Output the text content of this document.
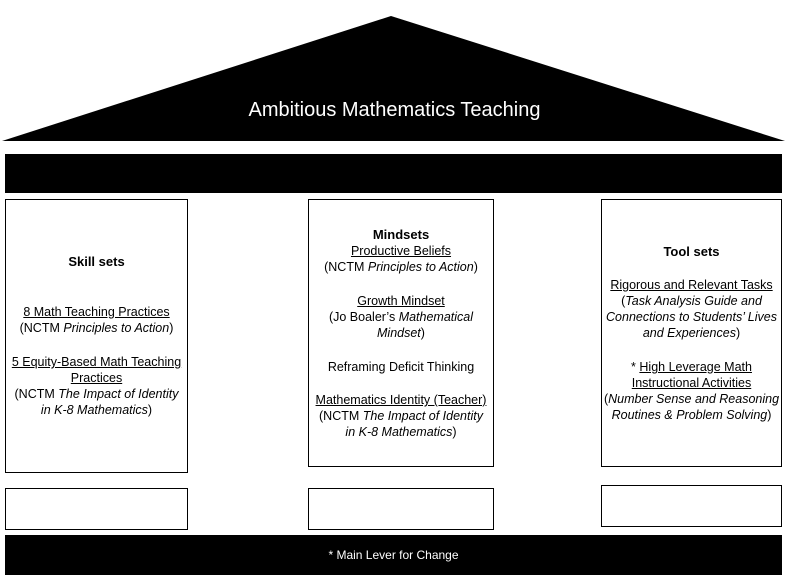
Ambitious Mathematics Teaching
Skill sets

8 Math Teaching Practices

(NCTM Principles to Action)

5 Equity-Based Math Teaching

Practices

(NCTM The Impact of Identity

in K-8 Mathematics)

Mindsets

Productive Beliefs

(NCTM Principles to Action)

Growth Mindset

(Jo Boaler’s Mathematical

Mindset)

Reframing Deficit Thinking

Mathematics Identity (Teacher)

(NCTM The Impact of Identity

in K-8 Mathematics)

Tool sets

Rigorous and Relevant Tasks

(Task Analysis Guide and

Connections to Students’ Lives

and Experiences)

* High Leverage Math

Instructional Activities

(Number Sense and Reasoning

Routines & Problem Solving)

* Main Lever for Change
